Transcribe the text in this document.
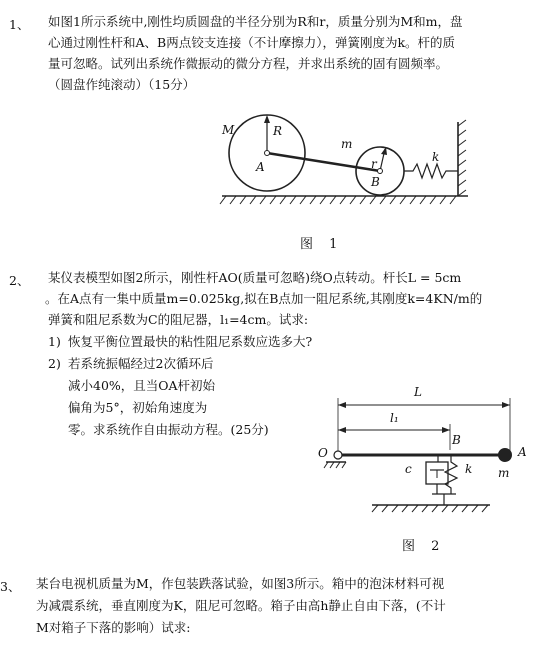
1、 如图1所示系统中,刚性均质圆盘的半径分别为R和r，质量分别为M和m，盘
心通过刚性杆和A、B两点铰支连接（不计摩擦力），弹簧刚度为k。杆的质
量可忽略。试列出系统作微振动的微分方程，并求出系统的固有圆频率。
（圆盘作纯滚动）（15分）
M	R
A
m
r
B
k
图 1
2、 某仪表模型如图2所示，刚性杆AO(质量可忽略)绕O点转动。杆长L = 5cm
。在A点有一集中质量m=0.025kg,拟在B点加一阻尼系统,其刚度k=4KN/m的
弹簧和阻尼系数为C的阻尼器，l₁=4cm。试求:
1) 恢复平衡位置最快的粘性阻尼系数应选多大?
2) 若系统振幅经过2次循环后
减小40%，且当OA杆初始
偏角为5°，初始角速度为
零。求系统作自由振动方程。(25分)
L
l₁
B
O	A
c	k m
图 2
3、 某台电视机质量为M，作包装跌落试验，如图3所示。箱中的泡沫材料可视
为减震系统，垂直刚度为K，阻尼可忽略。箱子由高h静止自由下落，(不计
M对箱子下落的影响）试求:
